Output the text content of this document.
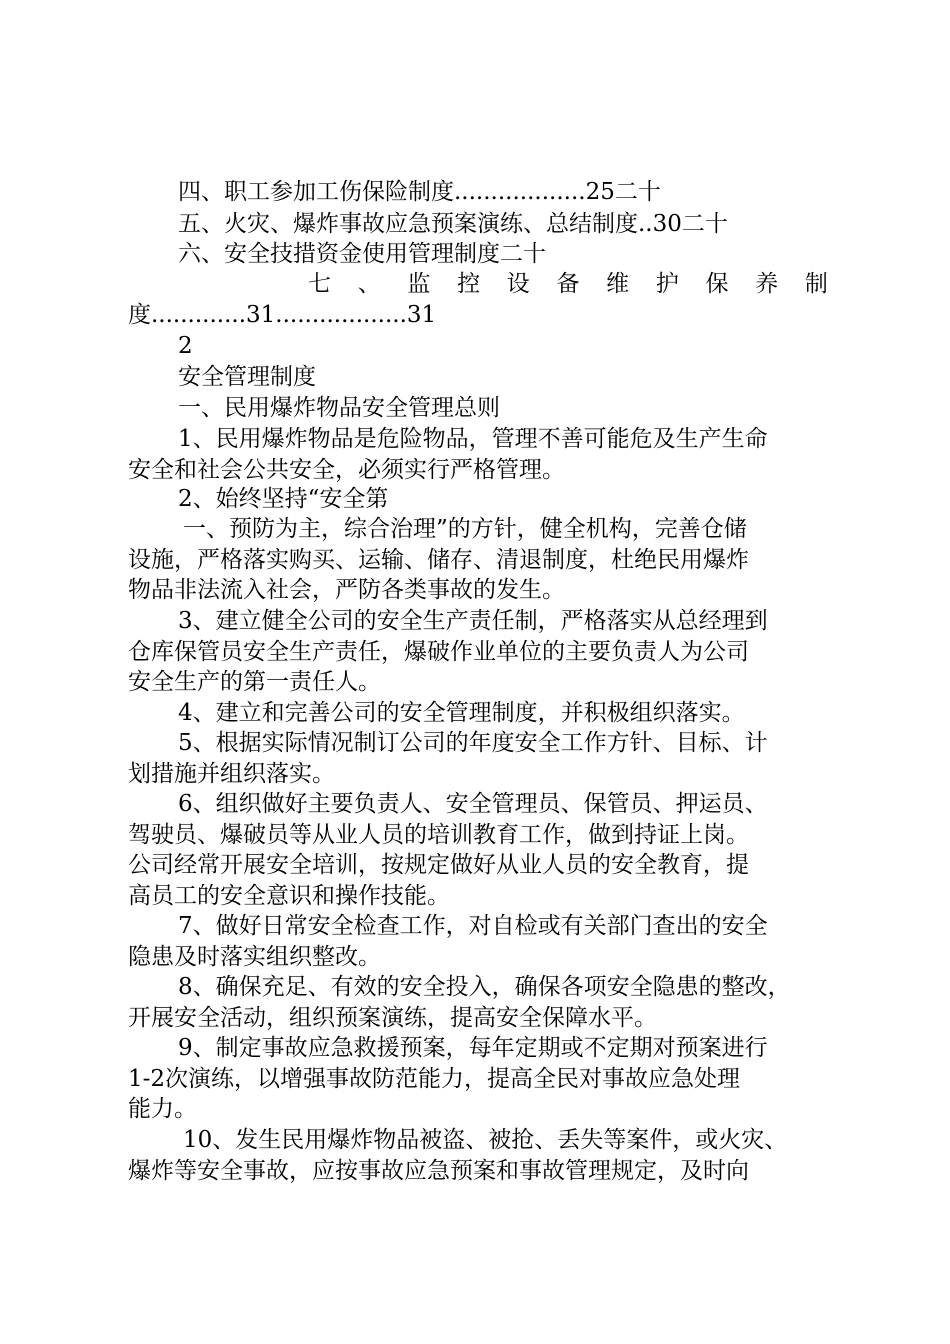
四、职工参加工伤保险制度..................25二十
五、火灾、爆炸事故应急预案演练、总结制度..30二十
六、安全技措资金使用管理制度二十
七 、 监 控 设 备 维 护 保 养 制
度.............31..................31
2
安全管理制度
一、民用爆炸物品安全管理总则
1、民用爆炸物品是危险物品，管理不善可能危及生产生命
安全和社会公共安全，必须实行严格管理。
2、始终坚持“安全第
一、预防为主，综合治理”的方针，健全机构，完善仓储
设施，严格落实购买、运输、储存、清退制度，杜绝民用爆炸
物品非法流入社会，严防各类事故的发生。
3、建立健全公司的安全生产责任制，严格落实从总经理到
仓库保管员安全生产责任，爆破作业单位的主要负责人为公司
安全生产的第一责任人。
4、建立和完善公司的安全管理制度，并积极组织落实。
5、根据实际情况制订公司的年度安全工作方针、目标、计
划措施并组织落实。
6、组织做好主要负责人、安全管理员、保管员、押运员、
驾驶员、爆破员等从业人员的培训教育工作，做到持证上岗。
公司经常开展安全培训，按规定做好从业人员的安全教育，提
高员工的安全意识和操作技能。
7、做好日常安全检查工作，对自检或有关部门查出的安全
隐患及时落实组织整改。
8、确保充足、有效的安全投入，确保各项安全隐患的整改，
开展安全活动，组织预案演练，提高安全保障水平。
9、制定事故应急救援预案，每年定期或不定期对预案进行
1-2次演练，以增强事故防范能力，提高全民对事故应急处理
能力。
10、发生民用爆炸物品被盗、被抢、丢失等案件，或火灾、
爆炸等安全事故，应按事故应急预案和事故管理规定，及时向
